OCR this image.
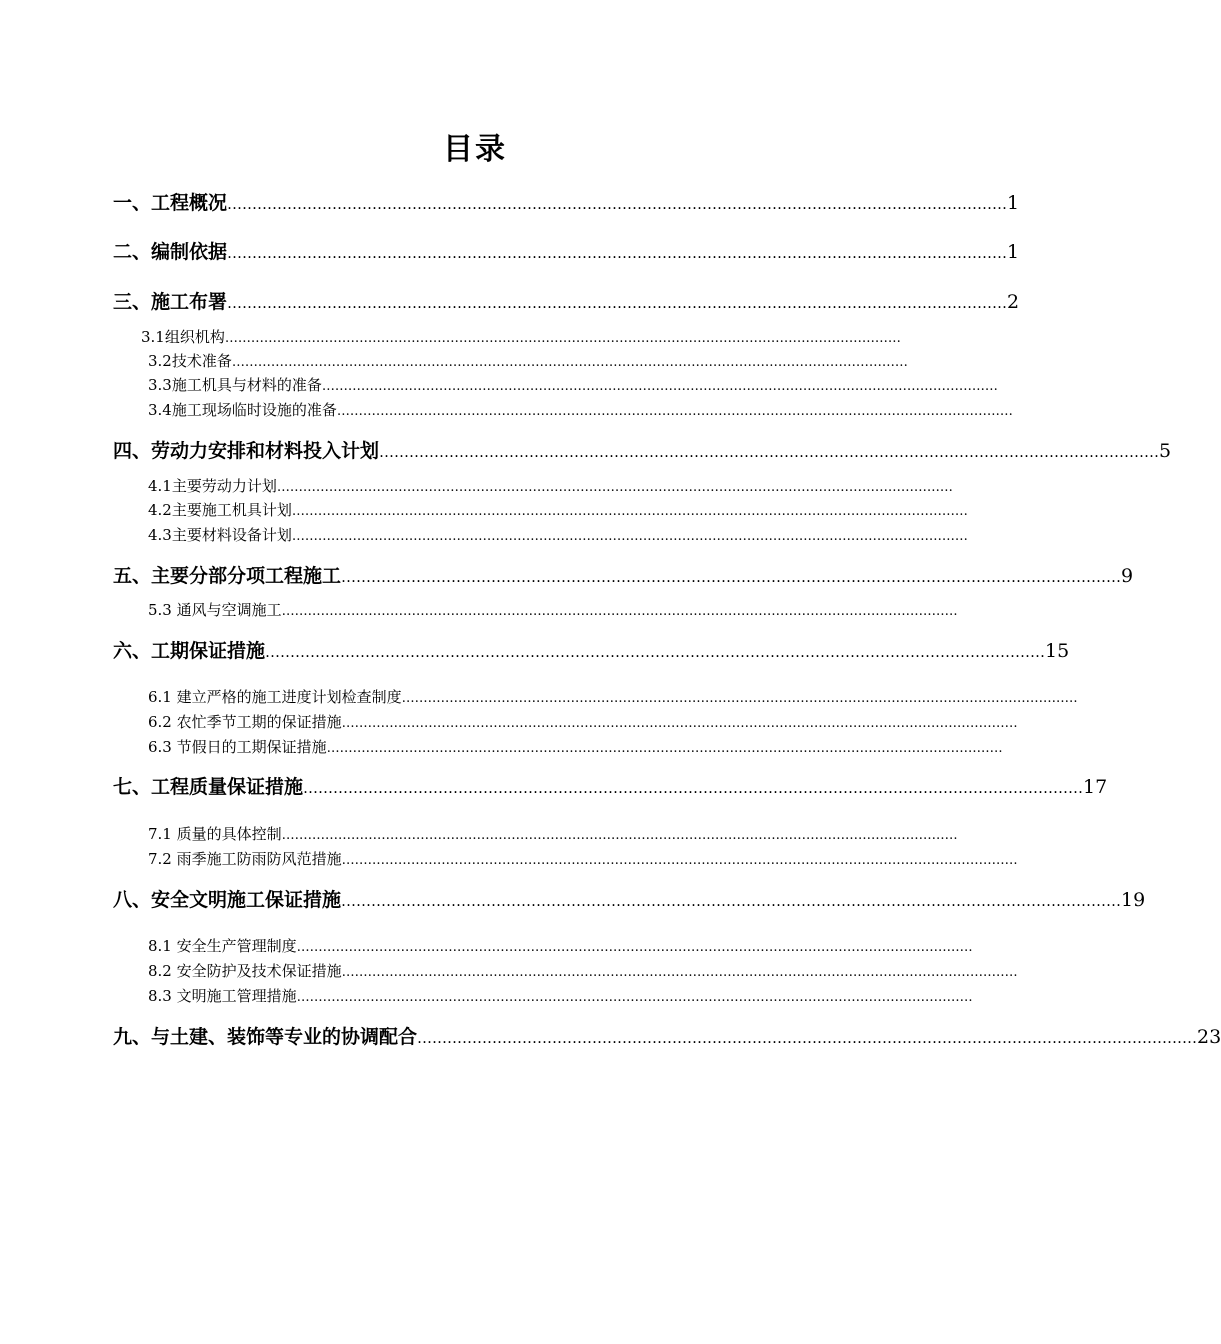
目录
一、工程概况 ………………………………………………………………………………………………………………………………………… 1
二、编制依据 ………………………………………………………………………………………………………………………………………… 1
三、施工布署 ………………………………………………………………………………………………………………………………………… 2
3.1组织机构 …………………………………………………………………………………………………………………………………………
3.2技术准备 …………………………………………………………………………………………………………………………………………
3.3施工机具与材料的准备 …………………………………………………………………………………………………………………………………………
3.4施工现场临时设施的准备 …………………………………………………………………………………………………………………………………………
四、劳动力安排和材料投入计划 ………………………………………………………………………………………………………………………………………… 5
4.1主要劳动力计划 …………………………………………………………………………………………………………………………………………
4.2主要施工机具计划 …………………………………………………………………………………………………………………………………………
4.3主要材料设备计划 …………………………………………………………………………………………………………………………………………
五、主要分部分项工程施工 ………………………………………………………………………………………………………………………………………… 9
5.3 通风与空调施工 …………………………………………………………………………………………………………………………………………
六、工期保证措施 ………………………………………………………………………………………………………………………………………… 15
6.1 建立严格的施工进度计划检查制度 …………………………………………………………………………………………………………………………………………
6.2 农忙季节工期的保证措施 …………………………………………………………………………………………………………………………………………
6.3 节假日的工期保证措施 …………………………………………………………………………………………………………………………………………
七、工程质量保证措施 ………………………………………………………………………………………………………………………………………… 17
7.1 质量的具体控制 …………………………………………………………………………………………………………………………………………
7.2 雨季施工防雨防风范措施 …………………………………………………………………………………………………………………………………………
八、安全文明施工保证措施 ………………………………………………………………………………………………………………………………………… 19
8.1 安全生产管理制度 …………………………………………………………………………………………………………………………………………
8.2 安全防护及技术保证措施 …………………………………………………………………………………………………………………………………………
8.3 文明施工管理措施 …………………………………………………………………………………………………………………………………………
九、与土建、装饰等专业的协调配合 ………………………………………………………………………………………………………………………………………… 23
